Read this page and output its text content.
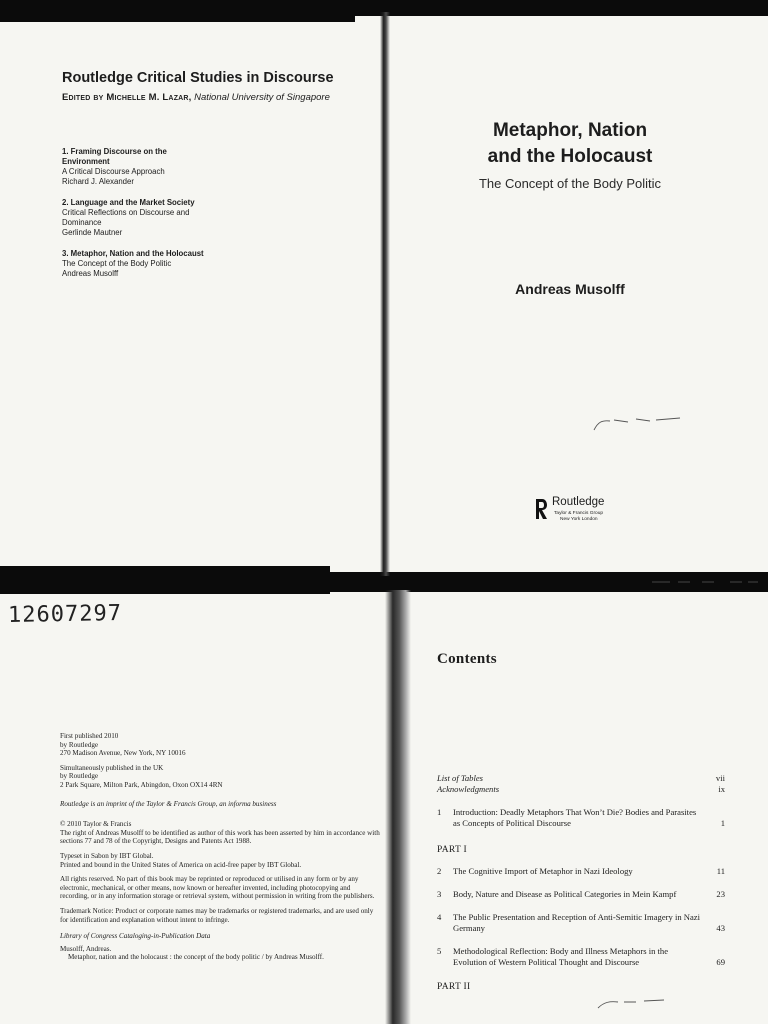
Routledge Critical Studies in Discourse
Edited by Michelle M. Lazar, National University of Singapore
1. Framing Discourse on the Environment
A Critical Discourse Approach
Richard J. Alexander
2. Language and the Market Society
Critical Reflections on Discourse and Dominance
Gerlinde Mautner
3. Metaphor, Nation and the Holocaust
The Concept of the Body Politic
Andreas Musolff
Metaphor, Nation
and the Holocaust
The Concept of the Body Politic
Andreas Musolff
Routledge
Taylor & Francis Group
New York London
12607297

First published 2010
by Routledge
270 Madison Avenue, New York, NY 10016

Simultaneously published in the UK
by Routledge
2 Park Square, Milton Park, Abingdon, Oxon OX14 4RN

Routledge is an imprint of the Taylor & Francis Group, an informa business

© 2010 Taylor & Francis
The right of Andreas Musolff to be identified as author of this work has been asserted by him in accordance with sections 77 and 78 of the Copyright, Designs and Patents Act 1988.

Typeset in Sabon by IBT Global.
Printed and bound in the United States of America on acid-free paper by IBT Global.

All rights reserved. No part of this book may be reprinted or reproduced or utilised in any form or by any electronic, mechanical, or other means, now known or hereafter invented, including photocopying and recording, or in any information storage or retrieval system, without permission in writing from the publishers.

Trademark Notice: Product or corporate names may be trademarks or registered trademarks, and are used only for identification and explanation without intent to infringe.

Library of Congress Cataloging-in-Publication Data

Musolff, Andreas.
Metaphor, nation and the holocaust : the concept of the body politic / by Andreas Musolff.

Contents
List of Tables	vii
Acknowledgments	ix
1 Introduction: Deadly Metaphors That Won’t Die? Bodies and Parasites as Concepts of Political Discourse	1
PART I
2 The Cognitive Import of Metaphor in Nazi Ideology	11
3 Body, Nature and Disease as Political Categories in Mein Kampf	23
4 The Public Presentation and Reception of Anti-Semitic Imagery in Nazi Germany	43
5 Methodological Reflection: Body and Illness Metaphors in the Evolution of Western Political Thought and Discourse	69
PART II
